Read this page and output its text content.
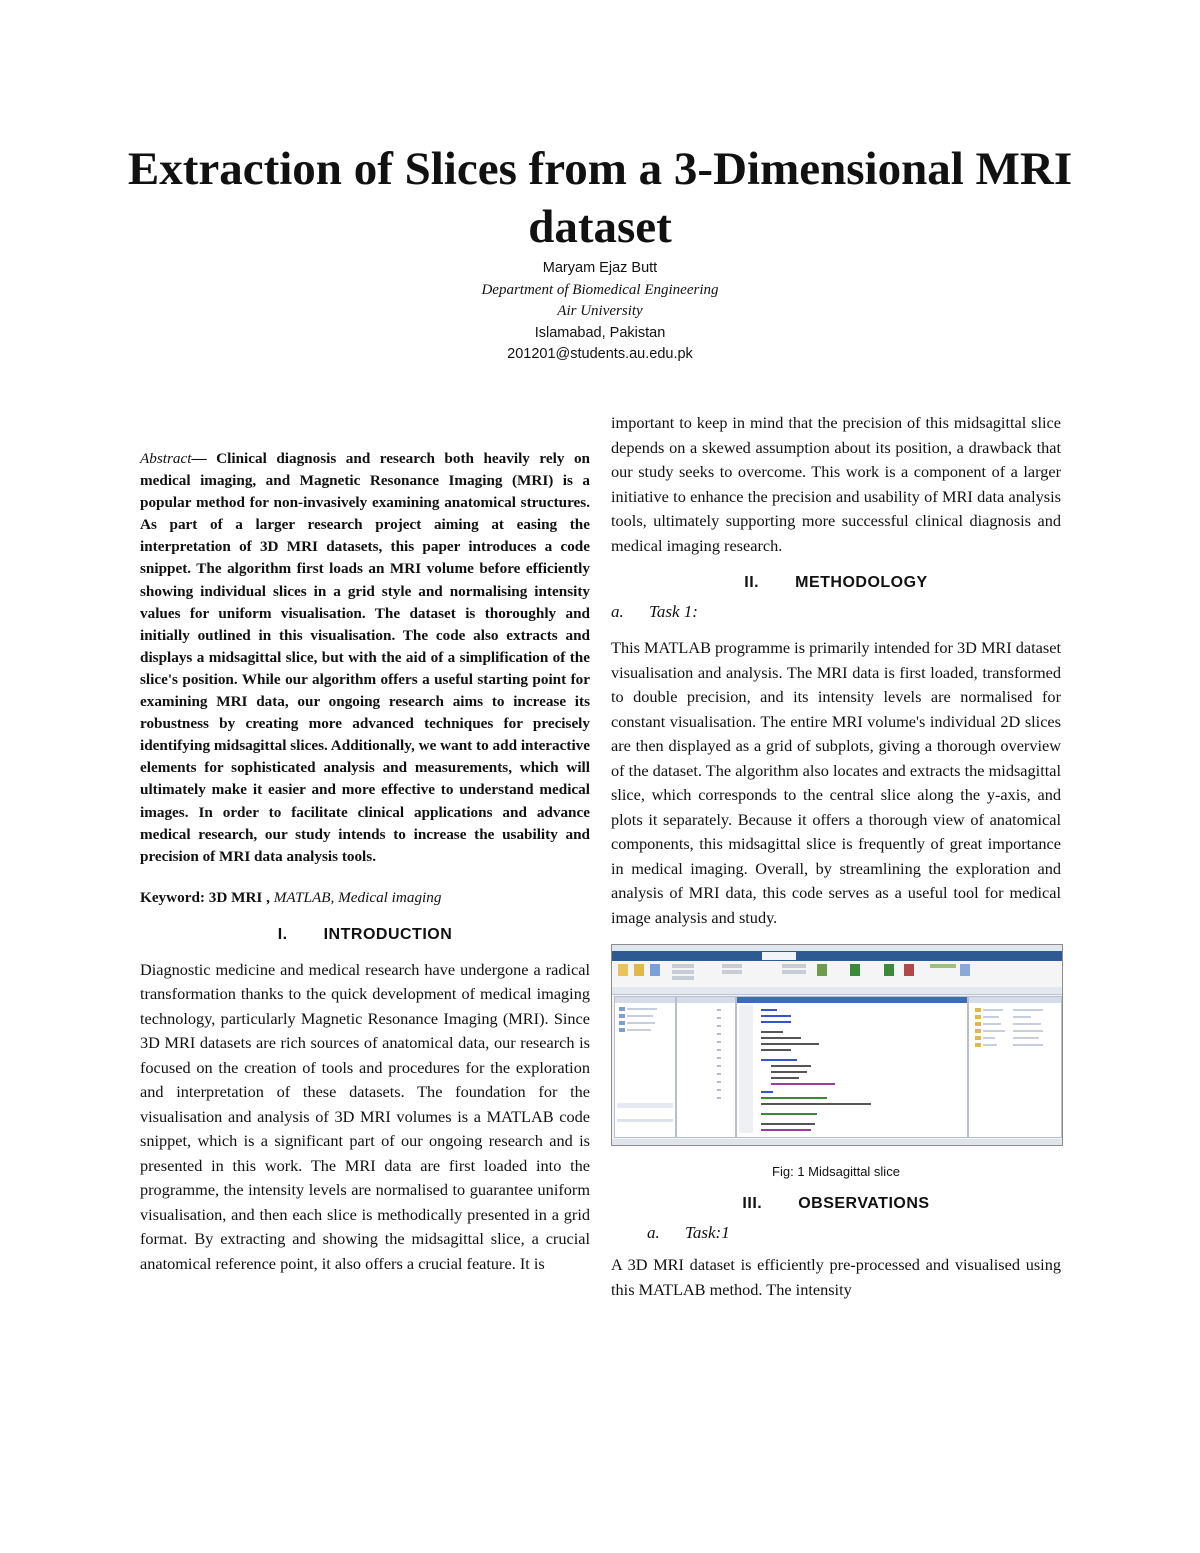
Extraction of Slices from a 3-Dimensional MRI dataset
Maryam Ejaz Butt
Department of Biomedical Engineering
Air University
Islamabad, Pakistan
201201@students.au.edu.pk

Abstract— Clinical diagnosis and research both heavily rely on medical imaging, and Magnetic Resonance Imaging (MRI) is a popular method for non-invasively examining anatomical structures. As part of a larger research project aiming at easing the interpretation of 3D MRI datasets, this paper introduces a code snippet. The algorithm first loads an MRI volume before efficiently showing individual slices in a grid style and normalising intensity values for uniform visualisation. The dataset is thoroughly and initially outlined in this visualisation. The code also extracts and displays a midsagittal slice, but with the aid of a simplification of the slice's position. While our algorithm offers a useful starting point for examining MRI data, our ongoing research aims to increase its robustness by creating more advanced techniques for precisely identifying midsagittal slices. Additionally, we want to add interactive elements for sophisticated analysis and measurements, which will ultimately make it easier and more effective to understand medical images. In order to facilitate clinical applications and advance medical research, our study intends to increase the usability and precision of MRI data analysis tools.

Keyword: 3D MRI , MATLAB, Medical imaging
I. INTRODUCTION

Diagnostic medicine and medical research have undergone a radical transformation thanks to the quick development of medical imaging technology, particularly Magnetic Resonance Imaging (MRI). Since 3D MRI datasets are rich sources of anatomical data, our research is focused on the creation of tools and procedures for the exploration and interpretation of these datasets. The foundation for the visualisation and analysis of 3D MRI volumes is a MATLAB code snippet, which is a significant part of our ongoing research and is presented in this work. The MRI data are first loaded into the programme, the intensity levels are normalised to guarantee uniform visualisation, and then each slice is methodically presented in a grid format. By extracting and showing the midsagittal slice, a crucial anatomical reference point, it also offers a crucial feature. It is

important to keep in mind that the precision of this midsagittal slice depends on a skewed assumption about its position, a drawback that our study seeks to overcome. This work is a component of a larger initiative to enhance the precision and usability of MRI data analysis tools, ultimately supporting more successful clinical diagnosis and medical imaging research.

II. METHODOLOGY

a. Task 1:

This MATLAB programme is primarily intended for 3D MRI dataset visualisation and analysis. The MRI data is first loaded, transformed to double precision, and its intensity levels are normalised for constant visualisation. The entire MRI volume's individual 2D slices are then displayed as a grid of subplots, giving a thorough overview of the dataset. The algorithm also locates and extracts the midsagittal slice, which corresponds to the central slice along the y-axis, and plots it separately. Because it offers a thorough view of anatomical components, this midsagittal slice is frequently of great importance in medical imaging. Overall, by streamlining the exploration and analysis of MRI data, this code serves as a useful tool for medical image analysis and study.

Fig: 1 Midsagittal slice

III. OBSERVATIONS

a. Task:1

A 3D MRI dataset is efficiently pre-processed and visualised using this MATLAB method. The intensity
